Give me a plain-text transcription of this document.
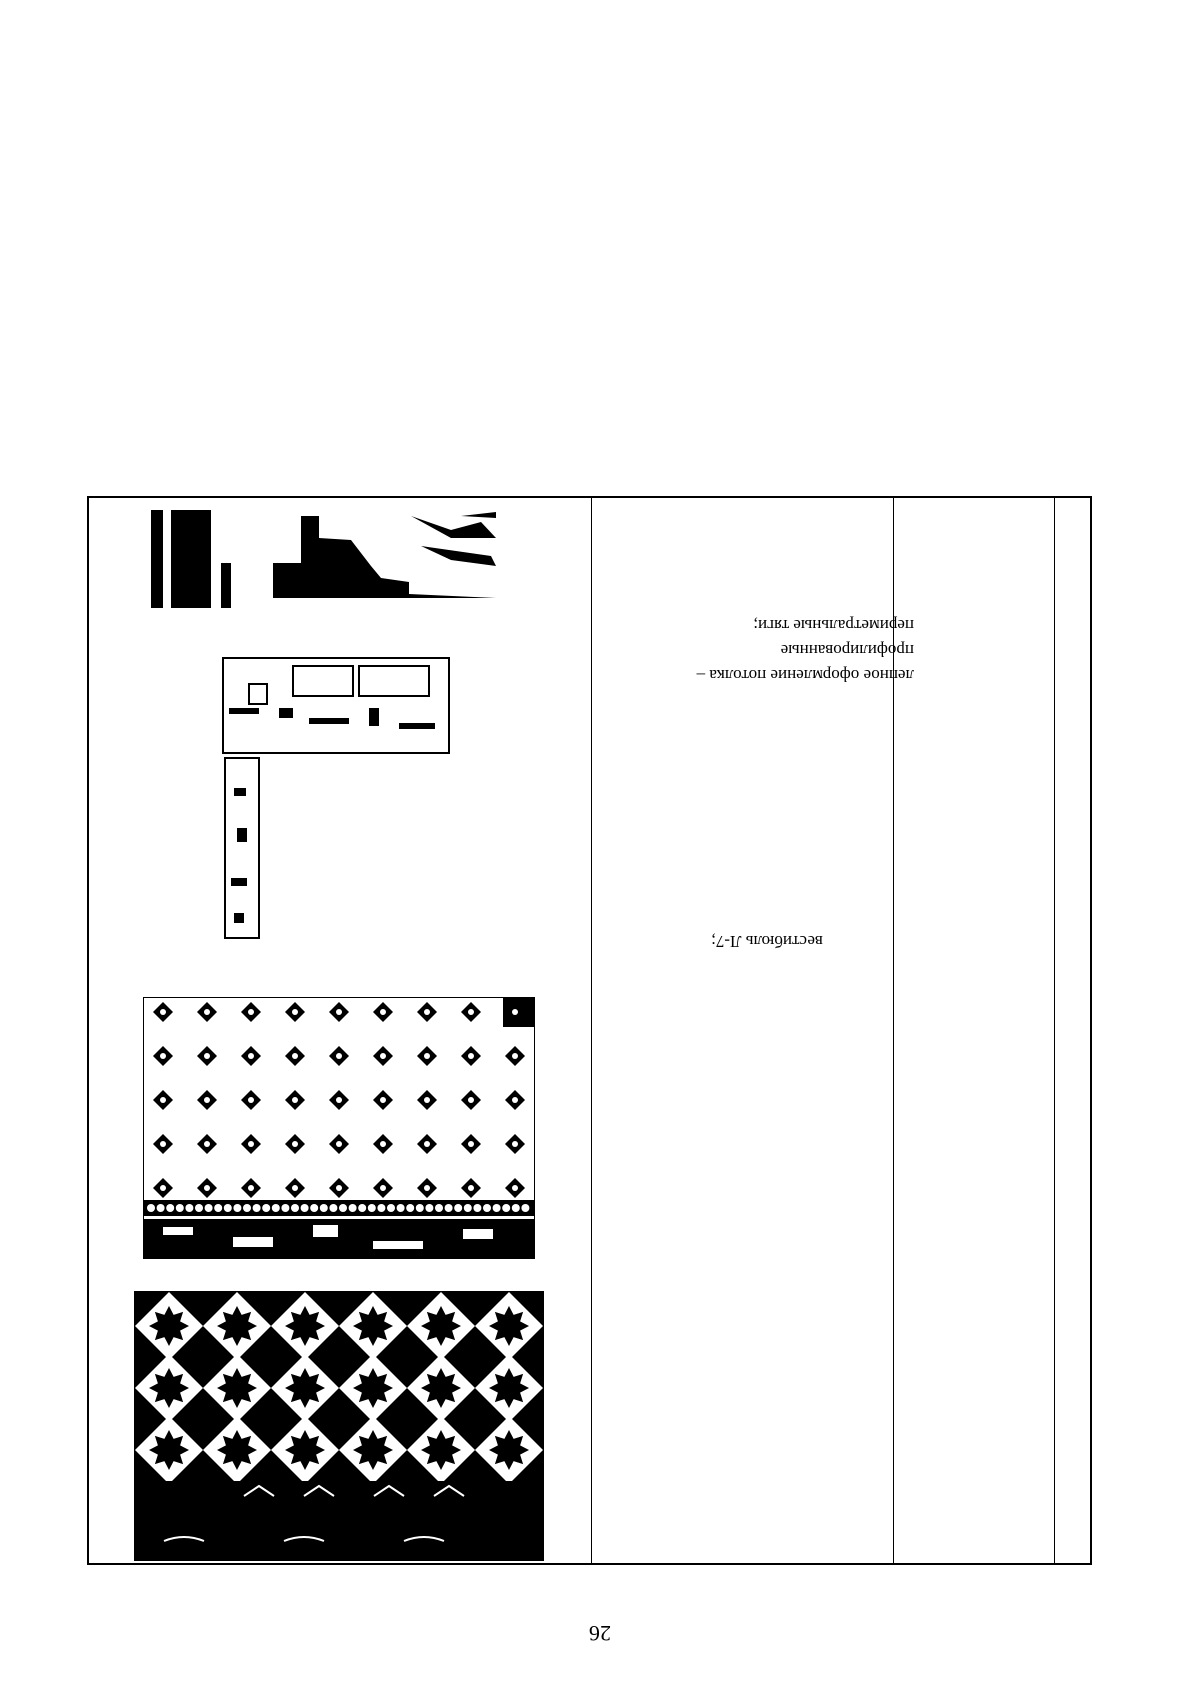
лепное оформление потолка –
профилированные
периметральные тяги;
вестибюль Л-7;
26
